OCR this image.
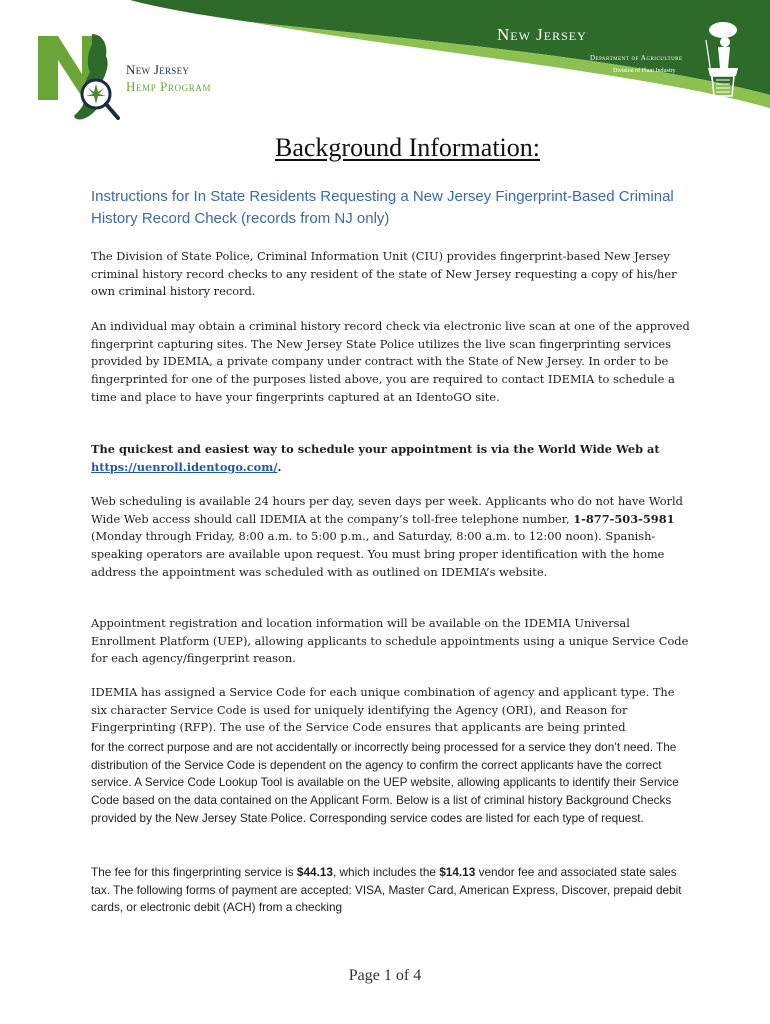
New Jersey
Hemp Program
New Jersey
Department of Agriculture
Division of Plant Industry
Background Information:
Instructions for In State Residents Requesting a New Jersey Fingerprint-Based Criminal History Record Check (records from NJ only)
The Division of State Police, Criminal Information Unit (CIU) provides fingerprint-based New Jersey criminal history record checks to any resident of the state of New Jersey requesting a copy of his/her own criminal history record.
An individual may obtain a criminal history record check via electronic live scan at one of the approved fingerprint capturing sites. The New Jersey State Police utilizes the live scan fingerprinting services provided by IDEMIA, a private company under contract with the State of New Jersey. In order to be fingerprinted for one of the purposes listed above, you are required to contact IDEMIA to schedule a time and place to have your fingerprints captured at an IdentoGO site.
The quickest and easiest way to schedule your appointment is via the World Wide Web at https://uenroll.identogo.com/.
Web scheduling is available 24 hours per day, seven days per week. Applicants who do not have World Wide Web access should call IDEMIA at the company’s toll-free telephone number, 1-877-503-5981 (Monday through Friday, 8:00 a.m. to 5:00 p.m., and Saturday, 8:00 a.m. to 12:00 noon). Spanish-speaking operators are available upon request. You must bring proper identification with the home address the appointment was scheduled with as outlined on IDEMIA’s website.
Appointment registration and location information will be available on the IDEMIA Universal Enrollment Platform (UEP), allowing applicants to schedule appointments using a unique Service Code for each agency/fingerprint reason.
IDEMIA has assigned a Service Code for each unique combination of agency and applicant type. The six character Service Code is used for uniquely identifying the Agency (ORI), and Reason for Fingerprinting (RFP). The use of the Service Code ensures that applicants are being printed
for the correct purpose and are not accidentally or incorrectly being processed for a service they don’t need. The distribution of the Service Code is dependent on the agency to confirm the correct applicants have the correct service. A Service Code Lookup Tool is available on the UEP website, allowing applicants to identify their Service Code based on the data contained on the Applicant Form. Below is a list of criminal history Background Checks provided by the New Jersey State Police. Corresponding service codes are listed for each type of request.
The fee for this fingerprinting service is $44.13, which includes the $14.13 vendor fee and associated state sales tax. The following forms of payment are accepted: VISA, Master Card, American Express, Discover, prepaid debit cards, or electronic debit (ACH) from a checking
Page 1 of 4
